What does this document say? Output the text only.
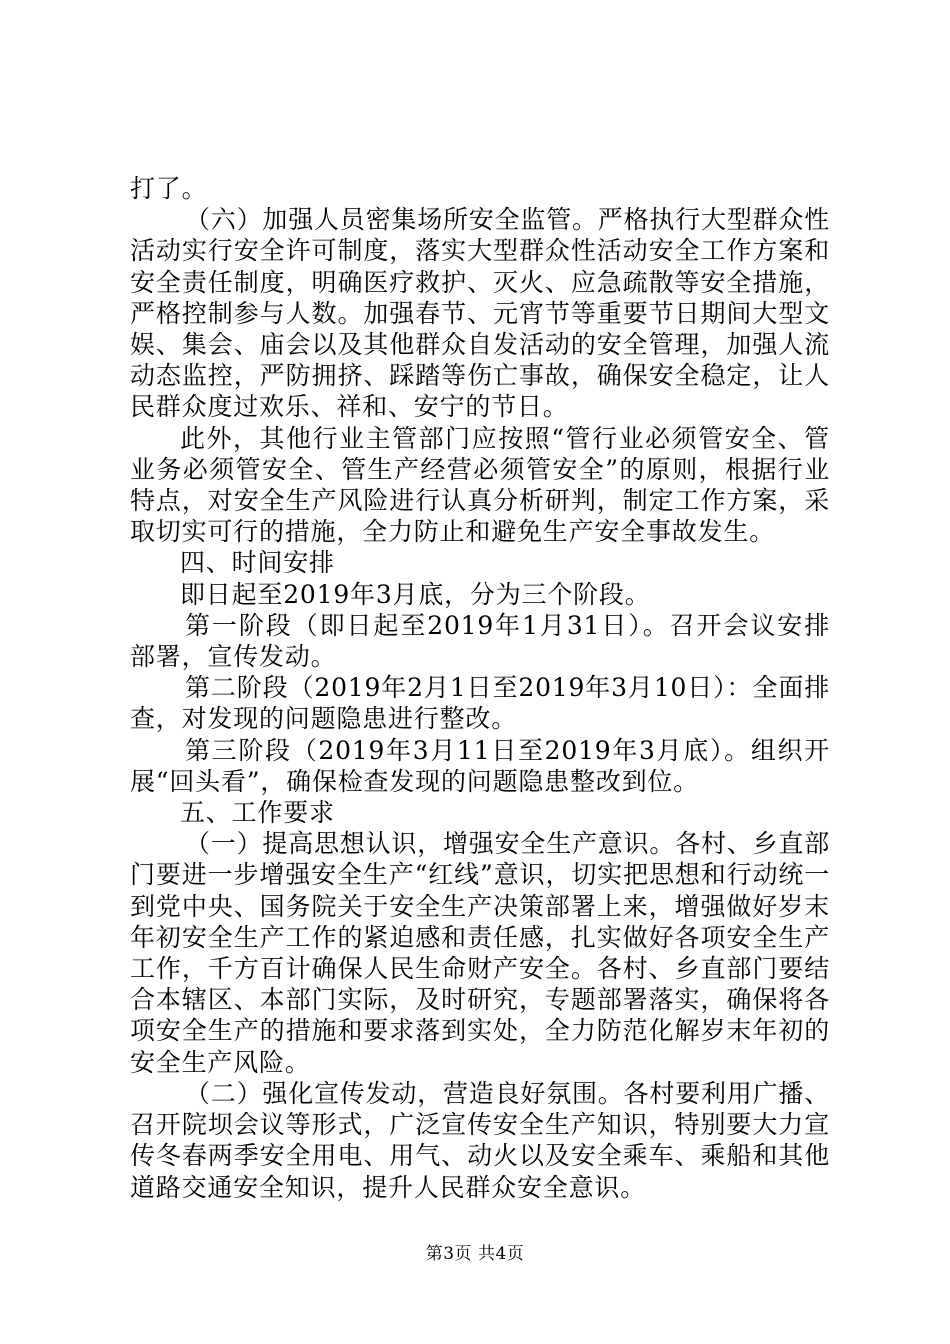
打了。

（六）加强人员密集场所安全监管。严格执行大型群众性活动实行安全许可制度，落实大型群众性活动安全工作方案和安全责任制度，明确医疗救护、灭火、应急疏散等安全措施，严格控制参与人数。加强春节、元宵节等重要节日期间大型文娱、集会、庙会以及其他群众自发活动的安全管理，加强人流动态监控，严防拥挤、踩踏等伤亡事故，确保安全稳定，让人民群众度过欢乐、祥和、安宁的节日。

此外，其他行业主管部门应按照“管行业必须管安全、管业务必须管安全、管生产经营必须管安全”的原则，根据行业特点，对安全生产风险进行认真分析研判，制定工作方案，采取切实可行的措施，全力防止和避免生产安全事故发生。

四、时间安排

即日起至2019年3月底，分为三个阶段。

第一阶段（即日起至2019年1月31日）。召开会议安排部署，宣传发动。

第二阶段（2019年2月1日至2019年3月10日）：全面排查，对发现的问题隐患进行整改。

第三阶段（2019年3月11日至2019年3月底）。组织开展“回头看”，确保检查发现的问题隐患整改到位。

五、工作要求

（一）提高思想认识，增强安全生产意识。各村、乡直部门要进一步增强安全生产“红线”意识，切实把思想和行动统一到党中央、国务院关于安全生产决策部署上来，增强做好岁末年初安全生产工作的紧迫感和责任感，扎实做好各项安全生产工作，千方百计确保人民生命财产安全。各村、乡直部门要结合本辖区、本部门实际，及时研究，专题部署落实，确保将各项安全生产的措施和要求落到实处，全力防范化解岁末年初的安全生产风险。

（二）强化宣传发动，营造良好氛围。各村要利用广播、召开院坝会议等形式，广泛宣传安全生产知识，特别要大力宣传冬春两季安全用电、用气、动火以及安全乘车、乘船和其他道路交通安全知识，提升人民群众安全意识。

第3页 共4页
